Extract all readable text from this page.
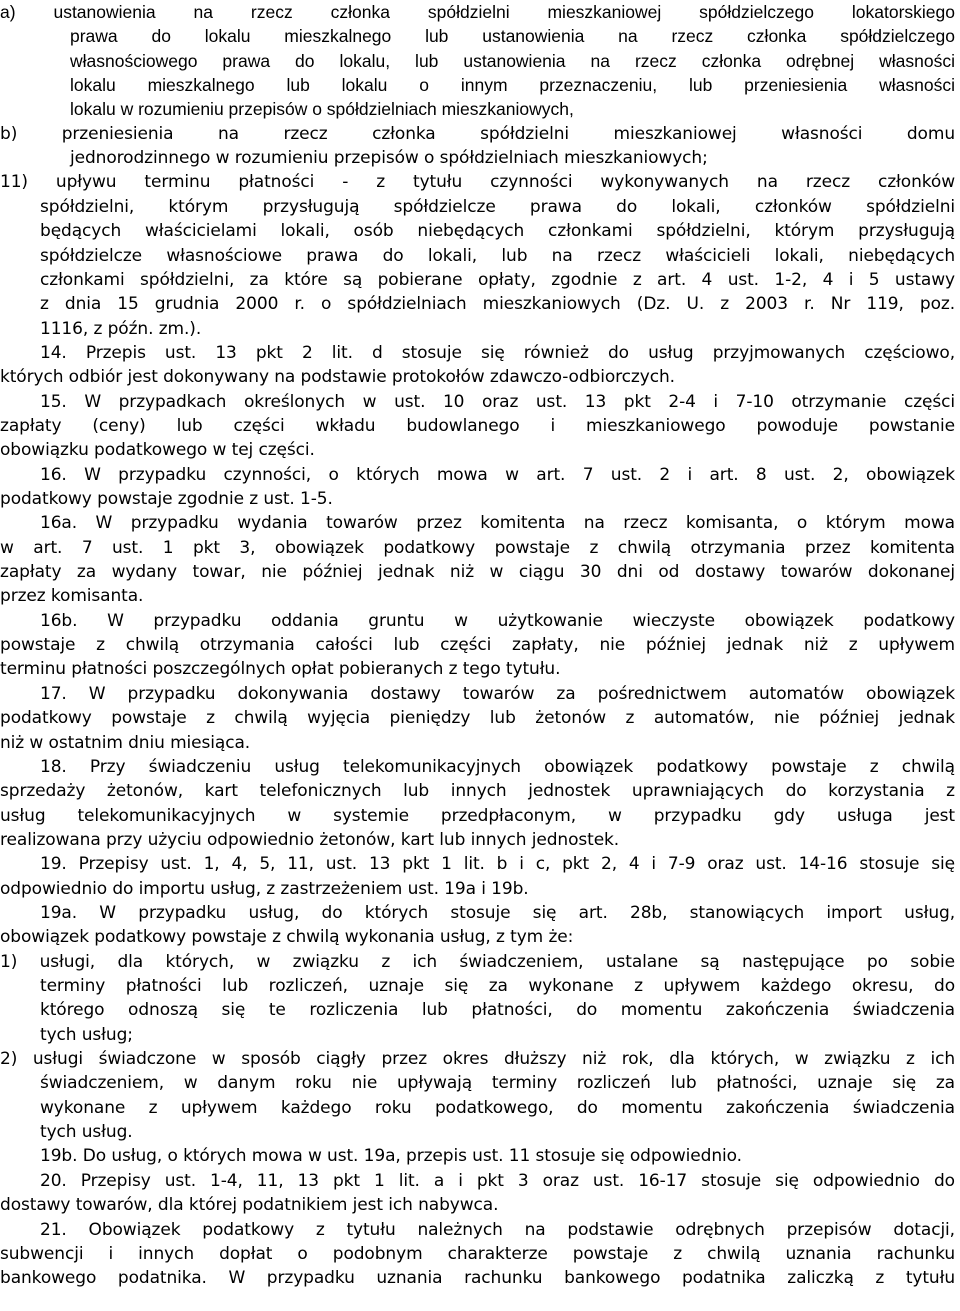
a) ustanowienia na rzecz członka spółdzielni mieszkaniowej spółdzielczego lokatorskiego
prawa do lokalu mieszkalnego lub ustanowienia na rzecz członka spółdzielczego
własnościowego prawa do lokalu, lub ustanowienia na rzecz członka odrębnej własności
lokalu mieszkalnego lub lokalu o innym przeznaczeniu, lub przeniesienia własności
lokalu w rozumieniu przepisów o spółdzielniach mieszkaniowych,
b) przeniesienia na rzecz członka spółdzielni mieszkaniowej własności domu
jednorodzinnego w rozumieniu przepisów o spółdzielniach mieszkaniowych;
11) upływu terminu płatności - z tytułu czynności wykonywanych na rzecz członków
spółdzielni, którym przysługują spółdzielcze prawa do lokali, członków spółdzielni
będących właścicielami lokali, osób niebędących członkami spółdzielni, którym przysługują
spółdzielcze własnościowe prawa do lokali, lub na rzecz właścicieli lokali, niebędących
członkami spółdzielni, za które są pobierane opłaty, zgodnie z art. 4 ust. 1-2, 4 i 5 ustawy
z dnia 15 grudnia 2000 r. o spółdzielniach mieszkaniowych (Dz. U. z 2003 r. Nr 119, poz.
1116, z późn. zm.).
14. Przepis ust. 13 pkt 2 lit. d stosuje się również do usług przyjmowanych częściowo,
których odbiór jest dokonywany na podstawie protokołów zdawczo-odbiorczych.
15. W przypadkach określonych w ust. 10 oraz ust. 13 pkt 2-4 i 7-10 otrzymanie części
zapłaty (ceny) lub części wkładu budowlanego i mieszkaniowego powoduje powstanie
obowiązku podatkowego w tej części.
16. W przypadku czynności, o których mowa w art. 7 ust. 2 i art. 8 ust. 2, obowiązek
podatkowy powstaje zgodnie z ust. 1-5.
16a. W przypadku wydania towarów przez komitenta na rzecz komisanta, o którym mowa
w art. 7 ust. 1 pkt 3, obowiązek podatkowy powstaje z chwilą otrzymania przez komitenta
zapłaty za wydany towar, nie później jednak niż w ciągu 30 dni od dostawy towarów dokonanej
przez komisanta.
16b. W przypadku oddania gruntu w użytkowanie wieczyste obowiązek podatkowy
powstaje z chwilą otrzymania całości lub części zapłaty, nie później jednak niż z upływem
terminu płatności poszczególnych opłat pobieranych z tego tytułu.
17. W przypadku dokonywania dostawy towarów za pośrednictwem automatów obowiązek
podatkowy powstaje z chwilą wyjęcia pieniędzy lub żetonów z automatów, nie później jednak
niż w ostatnim dniu miesiąca.
18. Przy świadczeniu usług telekomunikacyjnych obowiązek podatkowy powstaje z chwilą
sprzedaży żetonów, kart telefonicznych lub innych jednostek uprawniających do korzystania z
usług telekomunikacyjnych w systemie przedpłaconym, w przypadku gdy usługa jest
realizowana przy użyciu odpowiednio żetonów, kart lub innych jednostek.
19. Przepisy ust. 1, 4, 5, 11, ust. 13 pkt 1 lit. b i c, pkt 2, 4 i 7-9 oraz ust. 14-16 stosuje się
odpowiednio do importu usług, z zastrzeżeniem ust. 19a i 19b.
19a. W przypadku usług, do których stosuje się art. 28b, stanowiących import usług,
obowiązek podatkowy powstaje z chwilą wykonania usług, z tym że:
1) usługi, dla których, w związku z ich świadczeniem, ustalane są następujące po sobie
terminy płatności lub rozliczeń, uznaje się za wykonane z upływem każdego okresu, do
którego odnoszą się te rozliczenia lub płatności, do momentu zakończenia świadczenia
tych usług;
2) usługi świadczone w sposób ciągły przez okres dłuższy niż rok, dla których, w związku z ich
świadczeniem, w danym roku nie upływają terminy rozliczeń lub płatności, uznaje się za
wykonane z upływem każdego roku podatkowego, do momentu zakończenia świadczenia
tych usług.
19b. Do usług, o których mowa w ust. 19a, przepis ust. 11 stosuje się odpowiednio.
20. Przepisy ust. 1-4, 11, 13 pkt 1 lit. a i pkt 3 oraz ust. 16-17 stosuje się odpowiednio do
dostawy towarów, dla której podatnikiem jest ich nabywca.
21. Obowiązek podatkowy z tytułu należnych na podstawie odrębnych przepisów dotacji,
subwencji i innych dopłat o podobnym charakterze powstaje z chwilą uznania rachunku
bankowego podatnika. W przypadku uznania rachunku bankowego podatnika zaliczką z tytułu
